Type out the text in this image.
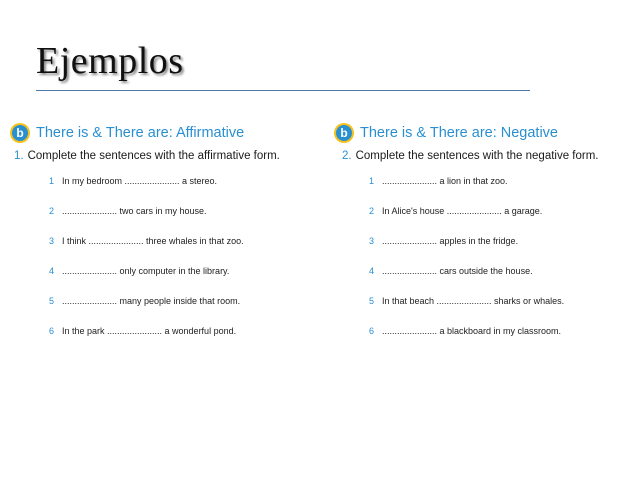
Ejemplos
b There is & There are: Affirmative
1. Complete the sentences with the affirmative form.
1 In my bedroom ...................... a stereo.
2 ...................... two cars in my house.
3 I think ...................... three whales in that zoo.
4 ...................... only computer in the library.
5 ...................... many people inside that room.
6 In the park ...................... a wonderful pond.
b There is & There are: Negative
2. Complete the sentences with the negative form.
1 ...................... a lion in that zoo.
2 In Alice's house ...................... a garage.
3 ...................... apples in the fridge.
4 ...................... cars outside the house.
5 In that beach ...................... sharks or whales.
6 ...................... a blackboard in my classroom.
